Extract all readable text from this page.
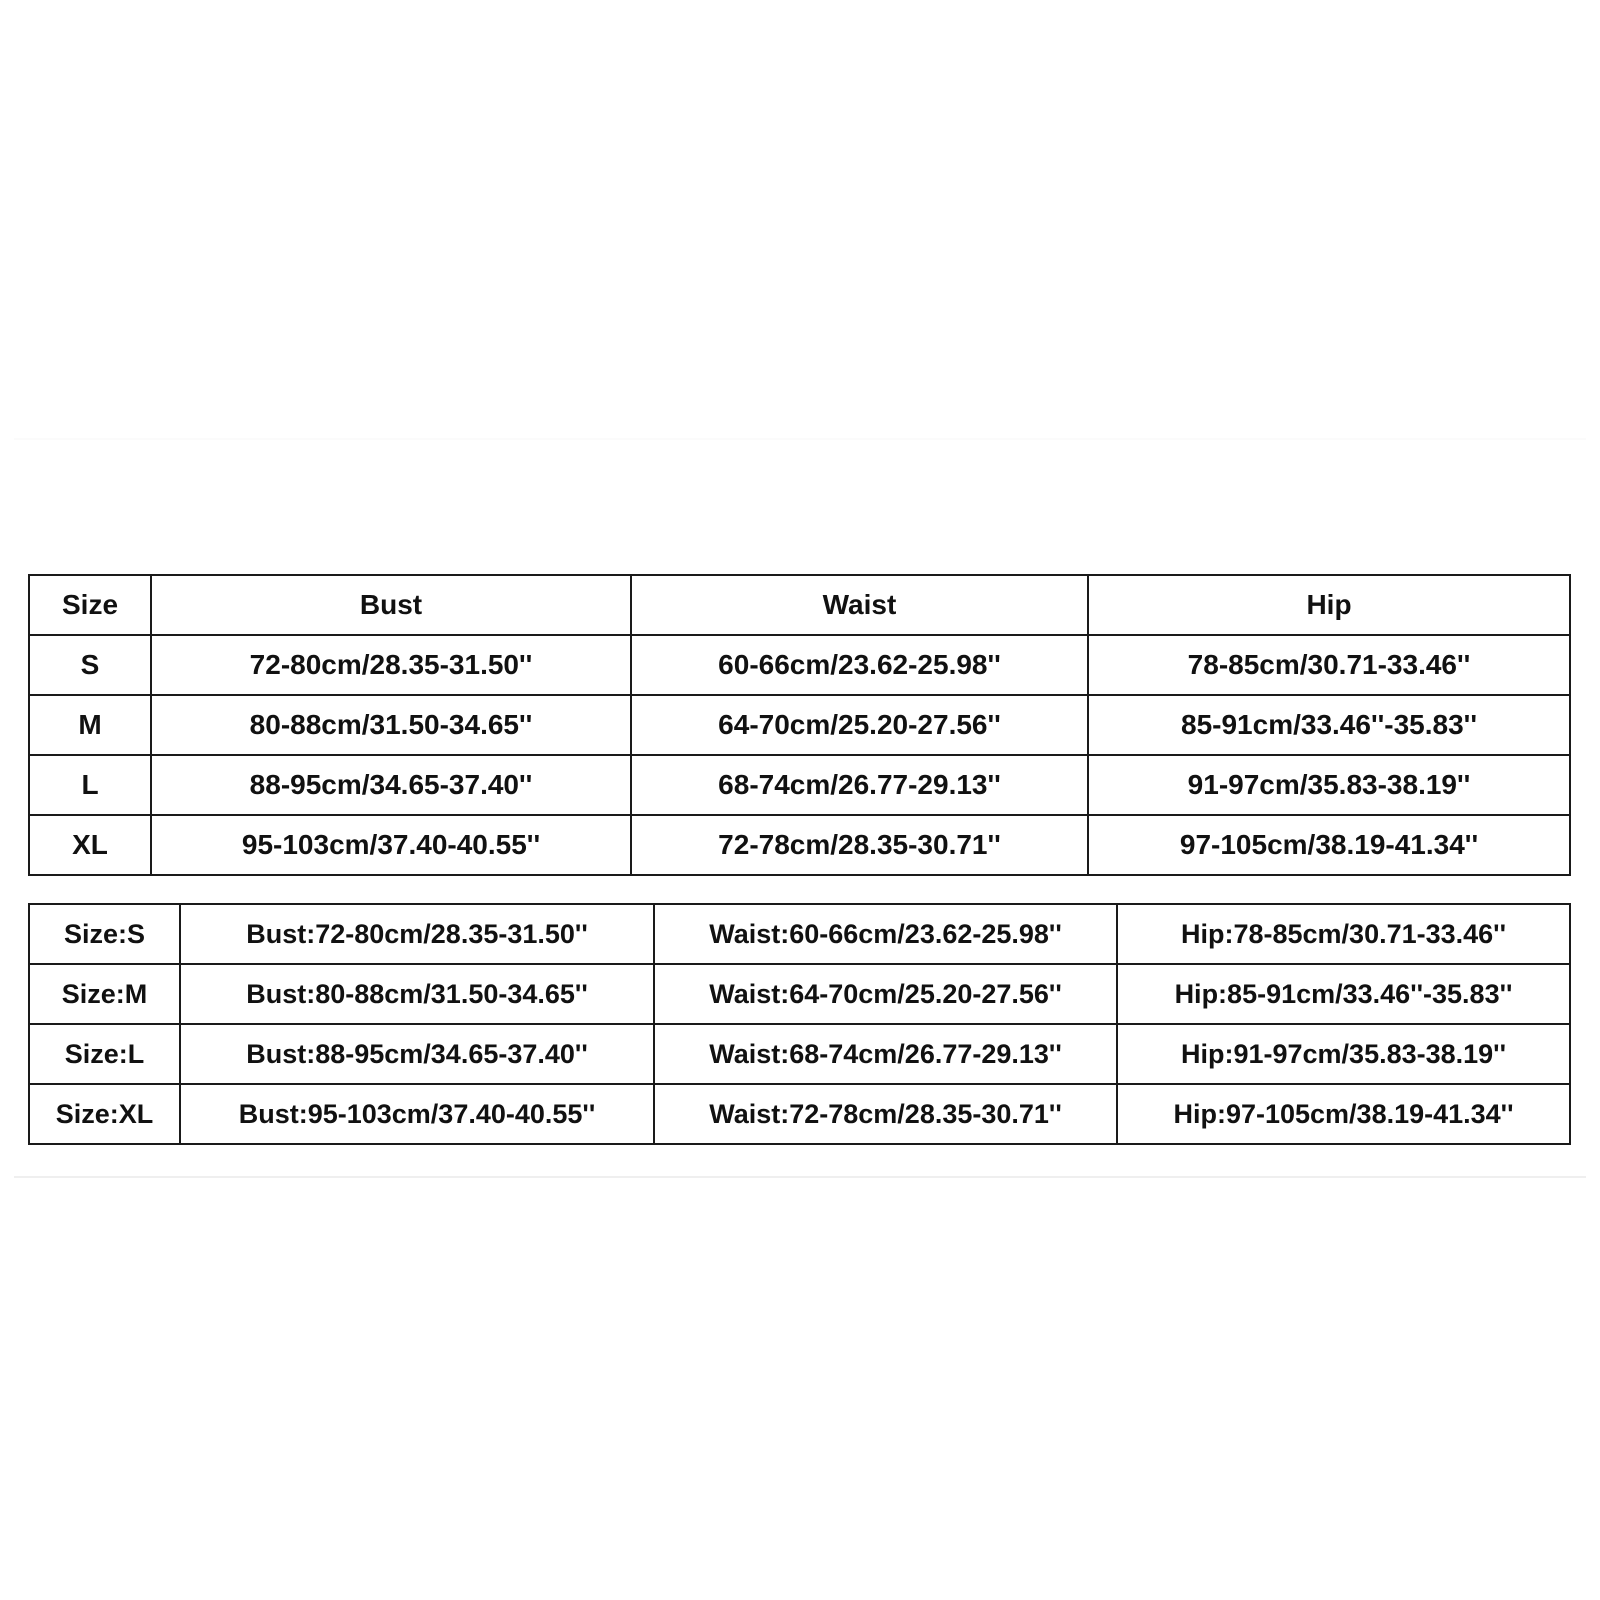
Size	Bust	Waist	Hip
S	72-80cm/28.35-31.50''	60-66cm/23.62-25.98''	78-85cm/30.71-33.46''
M	80-88cm/31.50-34.65''	64-70cm/25.20-27.56''	85-91cm/33.46''-35.83''
L	88-95cm/34.65-37.40''	68-74cm/26.77-29.13''	91-97cm/35.83-38.19''
XL	95-103cm/37.40-40.55''	72-78cm/28.35-30.71''	97-105cm/38.19-41.34''
Size:S	Bust:72-80cm/28.35-31.50''	Waist:60-66cm/23.62-25.98''	Hip:78-85cm/30.71-33.46''
Size:M	Bust:80-88cm/31.50-34.65''	Waist:64-70cm/25.20-27.56''	Hip:85-91cm/33.46''-35.83''
Size:L	Bust:88-95cm/34.65-37.40''	Waist:68-74cm/26.77-29.13''	Hip:91-97cm/35.83-38.19''
Size:XL	Bust:95-103cm/37.40-40.55''	Waist:72-78cm/28.35-30.71''	Hip:97-105cm/38.19-41.34''
